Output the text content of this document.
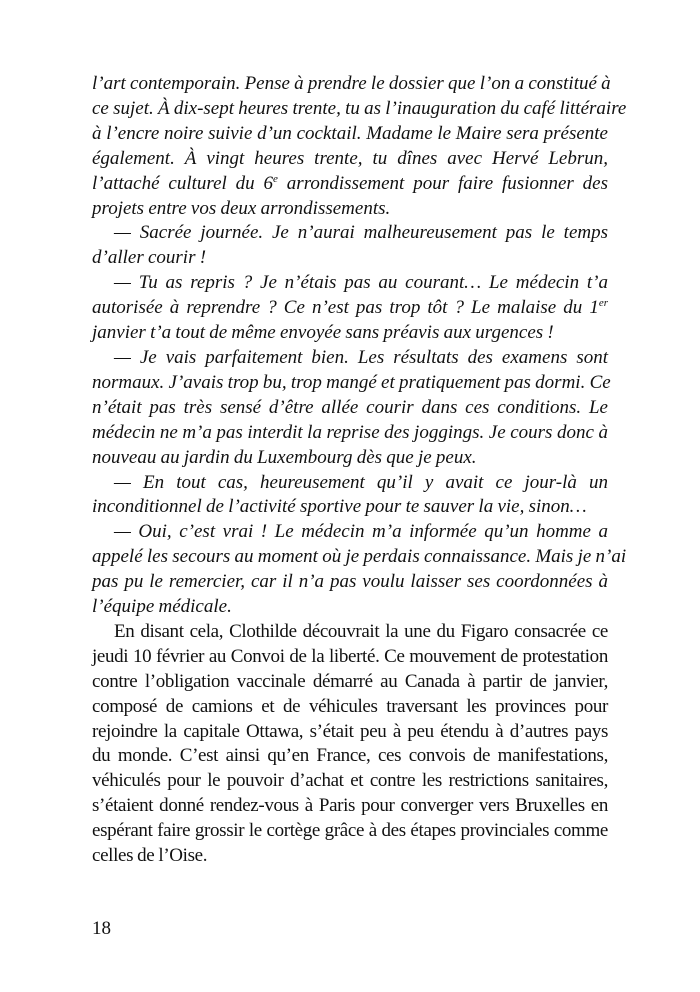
l’art contemporain. Pense à prendre le dossier que l’on a constitué à
ce sujet. À dix-sept heures trente, tu as l’inauguration du café littéraire
à l’encre noire suivie d’un cocktail. Madame le Maire sera présente
également. À vingt heures trente, tu dînes avec Hervé Lebrun,
l’attaché culturel du 6e arrondissement pour faire fusionner des
projets entre vos deux arrondissements.
— Sacrée journée. Je n’aurai malheureusement pas le temps
d’aller courir !
— Tu as repris ? Je n’étais pas au courant… Le médecin t’a
autorisée à reprendre ? Ce n’est pas trop tôt ? Le malaise du 1er
janvier t’a tout de même envoyée sans préavis aux urgences !
— Je vais parfaitement bien. Les résultats des examens sont
normaux. J’avais trop bu, trop mangé et pratiquement pas dormi. Ce
n’était pas très sensé d’être allée courir dans ces conditions. Le
médecin ne m’a pas interdit la reprise des joggings. Je cours donc à
nouveau au jardin du Luxembourg dès que je peux.
— En tout cas, heureusement qu’il y avait ce jour-là un
inconditionnel de l’activité sportive pour te sauver la vie, sinon…
— Oui, c’est vrai ! Le médecin m’a informée qu’un homme a
appelé les secours au moment où je perdais connaissance. Mais je n’ai
pas pu le remercier, car il n’a pas voulu laisser ses coordonnées à
l’équipe médicale.
En disant cela, Clothilde découvrait la une du Figaro consacrée ce
jeudi 10 février au Convoi de la liberté. Ce mouvement de protestation
contre l’obligation vaccinale démarré au Canada à partir de janvier,
composé de camions et de véhicules traversant les provinces pour
rejoindre la capitale Ottawa, s’était peu à peu étendu à d’autres pays
du monde. C’est ainsi qu’en France, ces convois de manifestations,
véhiculés pour le pouvoir d’achat et contre les restrictions sanitaires,
s’étaient donné rendez-vous à Paris pour converger vers Bruxelles en
espérant faire grossir le cortège grâce à des étapes provinciales comme
celles de l’Oise.
18
